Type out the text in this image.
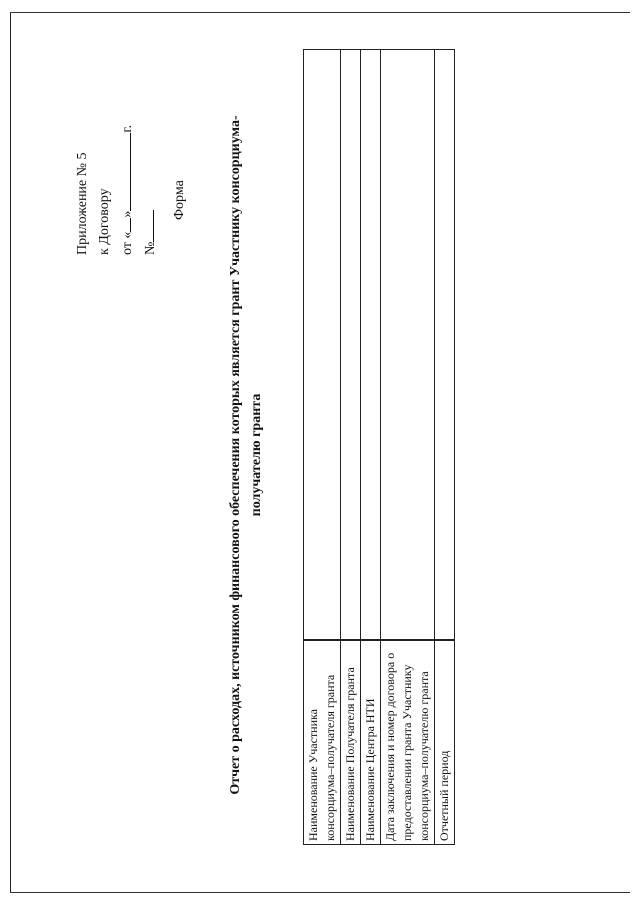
Приложение № 5 к Договору от «»г.
№
Форма	Отчет о расходах, источником финансового обеспечения которых является грант Участнику консорциума- получателю гранта
Наименование Участника консорциума–получателя гранта	
Наименование Получателя гранта	
Наименование Центра НТИ	
Дата заключения и номер договора о предоставлении гранта Участнику консорциума–получателю гранта	
Отчетный период	
